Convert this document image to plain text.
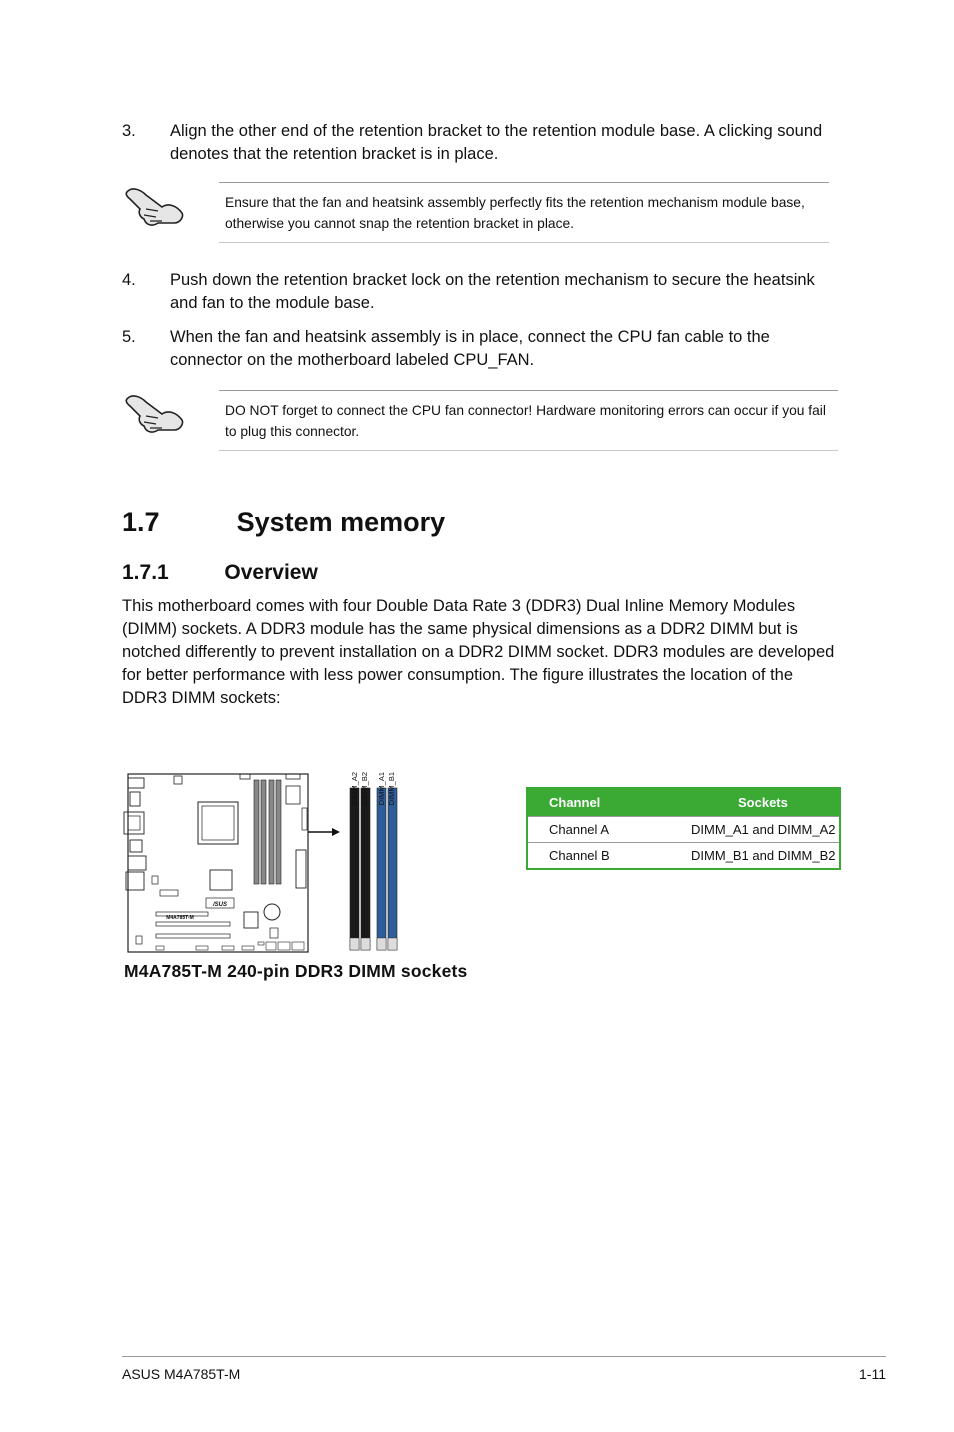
3. Align the other end of the retention bracket to the retention module base. A clicking sound denotes that the retention bracket is in place.
Ensure that the fan and heatsink assembly perfectly fits the retention mechanism module base, otherwise you cannot snap the retention bracket in place.
4. Push down the retention bracket lock on the retention mechanism to secure the heatsink and fan to the module base.
5. When the fan and heatsink assembly is in place, connect the CPU fan cable to the connector on the motherboard labeled CPU_FAN.
DO NOT forget to connect the CPU fan connector! Hardware monitoring errors can occur if you fail to plug this connector.
1.7	System memory
1.7.1	Overview
This motherboard comes with four Double Data Rate 3 (DDR3) Dual Inline Memory Modules (DIMM) sockets. A DDR3 module has the same physical dimensions as a DDR2 DIMM but is notched differently to prevent installation on a DDR2 DIMM socket. DDR3 modules are developed for better performance with less power consumption. The figure illustrates the location of the DDR3 DIMM sockets:
/SUS
M4A785T-M
DIMM_A2 DIMM_B2 DIMM_A1 DIMM_B1
M4A785T-M 240-pin DDR3 DIMM sockets
Channel	Sockets
Channel A	DIMM_A1 and DIMM_A2
Channel B	DIMM_B1 and DIMM_B2
ASUS M4A785T-M	1-11
